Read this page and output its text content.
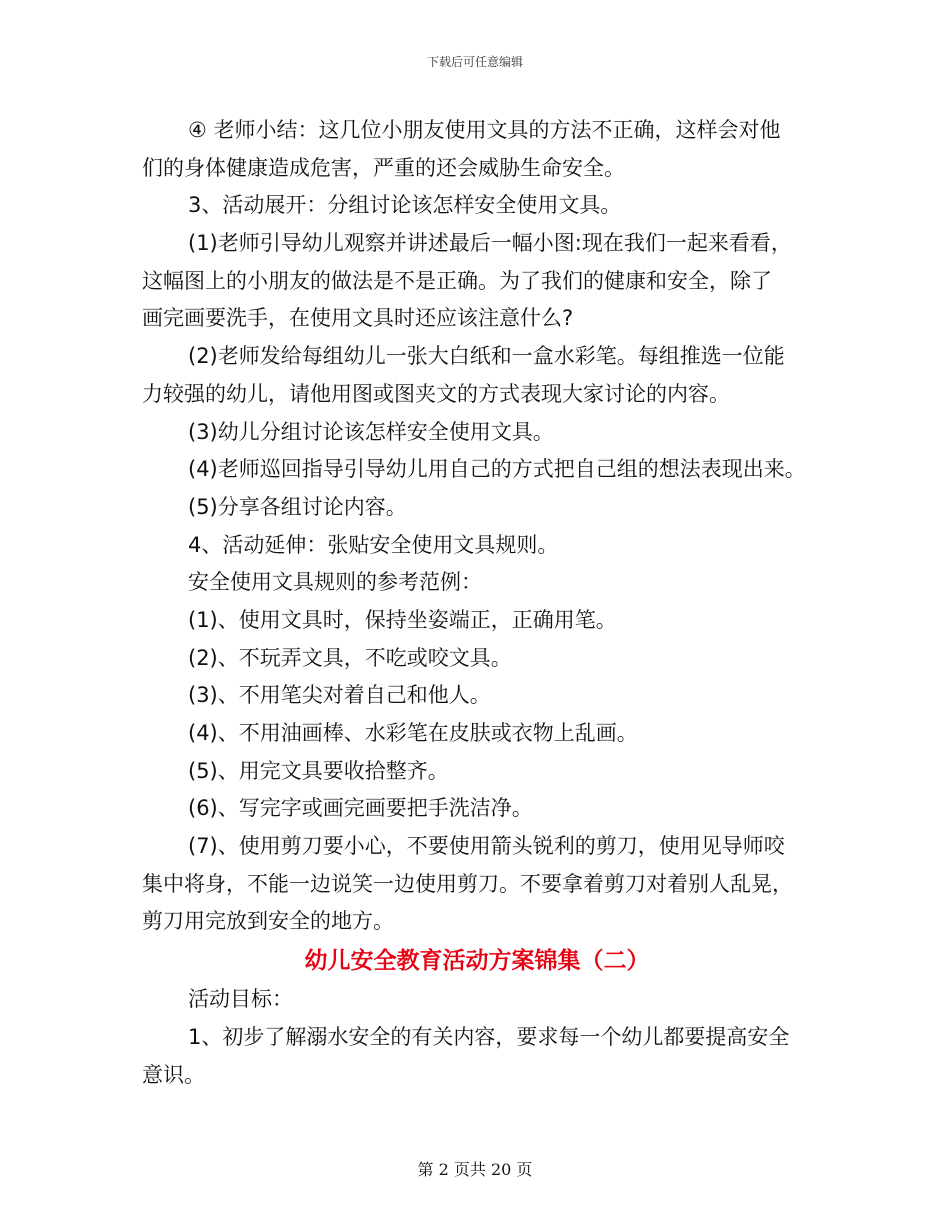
下载后可任意编辑
④ 老师小结：这几位小朋友使用文具的方法不正确，这样会对他
们的身体健康造成危害，严重的还会威胁生命安全。
3、活动展开：分组讨论该怎样安全使用文具。
(1)老师引导幼儿观察并讲述最后一幅小图:现在我们一起来看看，
这幅图上的小朋友的做法是不是正确。为了我们的健康和安全，除了
画完画要洗手，在使用文具时还应该注意什么?
(2)老师发给每组幼儿一张大白纸和一盒水彩笔。每组推选一位能
力较强的幼儿，请他用图或图夹文的方式表现大家讨论的内容。
(3)幼儿分组讨论该怎样安全使用文具。
(4)老师巡回指导引导幼儿用自己的方式把自己组的想法表现出来。
(5)分享各组讨论内容。
4、活动延伸：张贴安全使用文具规则。
安全使用文具规则的参考范例：
(1)、使用文具时，保持坐姿端正，正确用笔。
(2)、不玩弄文具，不吃或咬文具。
(3)、不用笔尖对着自己和他人。
(4)、不用油画棒、水彩笔在皮肤或衣物上乱画。
(5)、用完文具要收拾整齐。
(6)、写完字或画完画要把手洗洁净。
(7)、使用剪刀要小心，不要使用箭头锐利的剪刀，使用见导师咬
集中将身，不能一边说笑一边使用剪刀。不要拿着剪刀对着别人乱晃，
剪刀用完放到安全的地方。
幼儿安全教育活动方案锦集（二）
活动目标：
1、初步了解溺水安全的有关内容，要求每一个幼儿都要提高安全
意识。
第 2 页共 20 页
